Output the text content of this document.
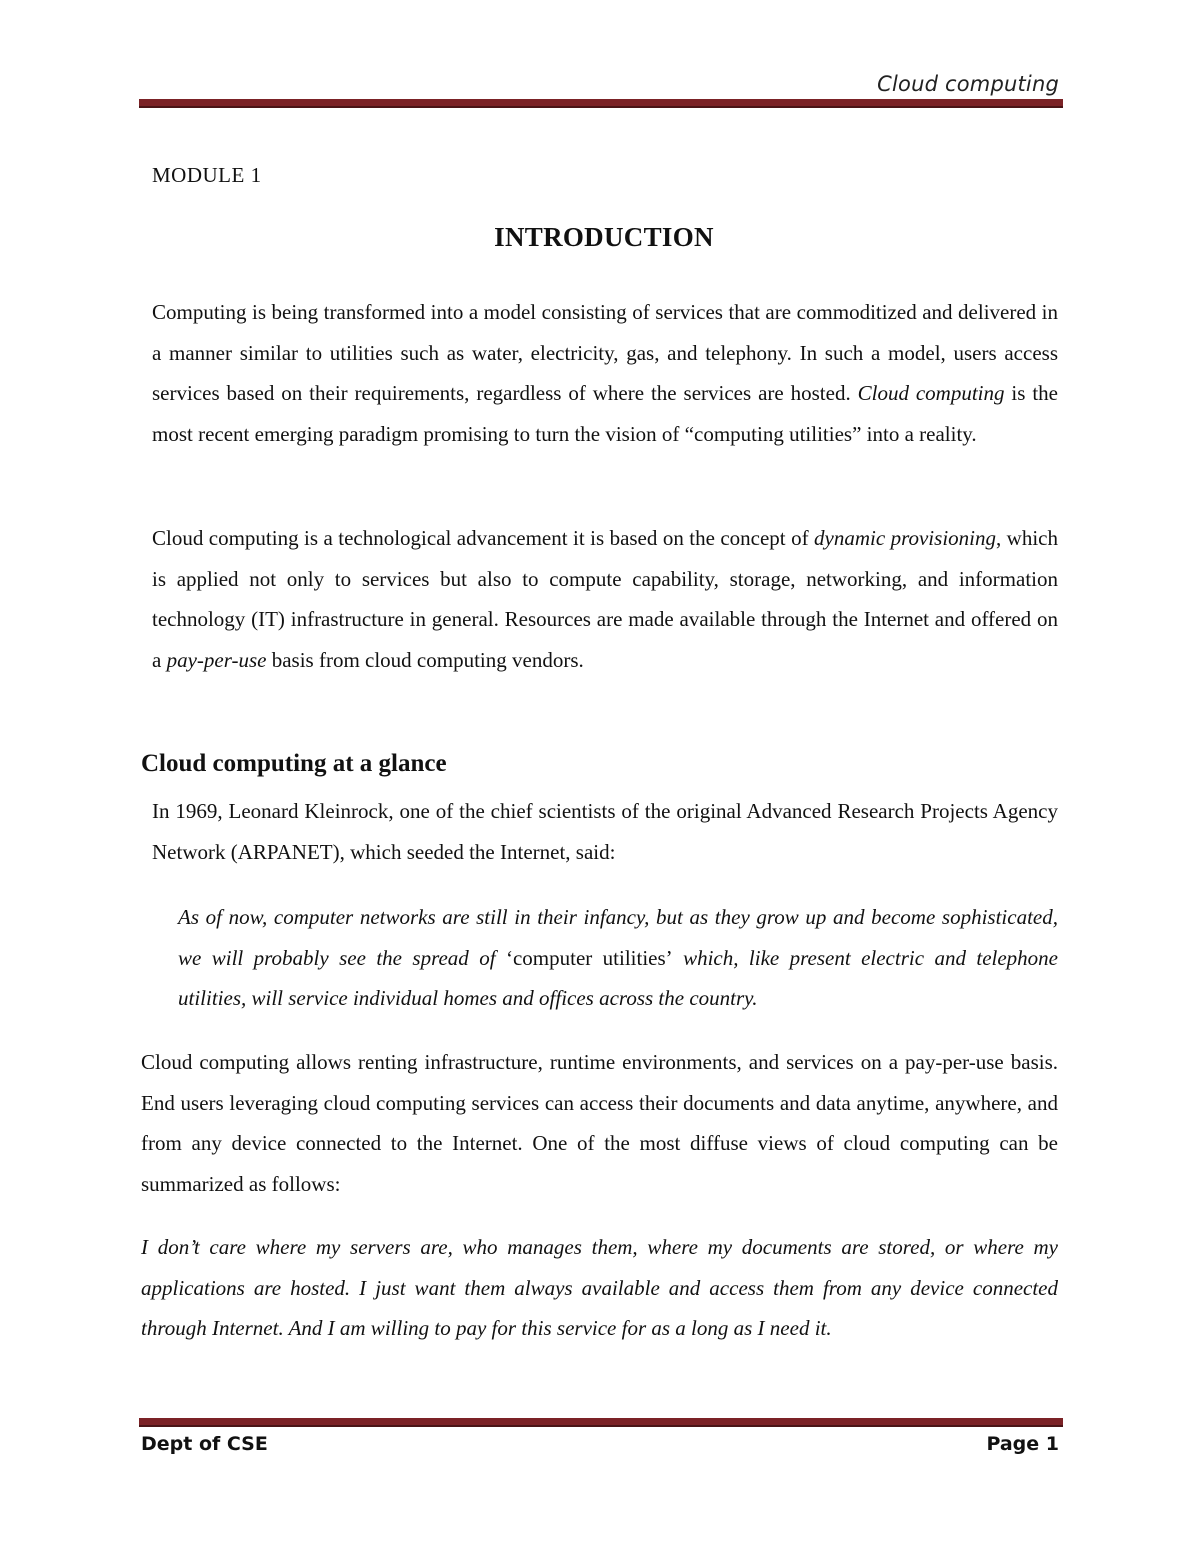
Cloud computing
MODULE 1
INTRODUCTION

Computing is being transformed into a model consisting of services that are commoditized and delivered in a manner similar to utilities such as water, electricity, gas, and telephony. In such a model, users access services based on their requirements, regardless of where the services are hosted. Cloud computing is the most recent emerging paradigm promising to turn the vision of “computing utilities” into a reality.

Cloud computing is a technological advancement it is based on the concept of dynamic provisioning, which is applied not only to services but also to compute capability, storage, networking, and information technology (IT) infrastructure in general. Resources are made available through the Internet and offered on a pay-per-use basis from cloud computing vendors.

Cloud computing at a glance

In 1969, Leonard Kleinrock, one of the chief scientists of the original Advanced Research Projects Agency Network (ARPANET), which seeded the Internet, said:

As of now, computer networks are still in their infancy, but as they grow up and become sophisticated, we will probably see the spread of ‘computer utilities’ which, like present electric and telephone utilities, will service individual homes and offices across the country.

Cloud computing allows renting infrastructure, runtime environments, and services on a pay-per-use basis. End users leveraging cloud computing services can access their documents and data anytime, anywhere, and from any device connected to the Internet. One of the most diffuse views of cloud computing can be summarized as follows:

I don’t care where my servers are, who manages them, where my documents are stored, or where my applications are hosted. I just want them always available and access them from any device connected through Internet. And I am willing to pay for this service for as a long as I need it.

Dept of CSE	Page 1
